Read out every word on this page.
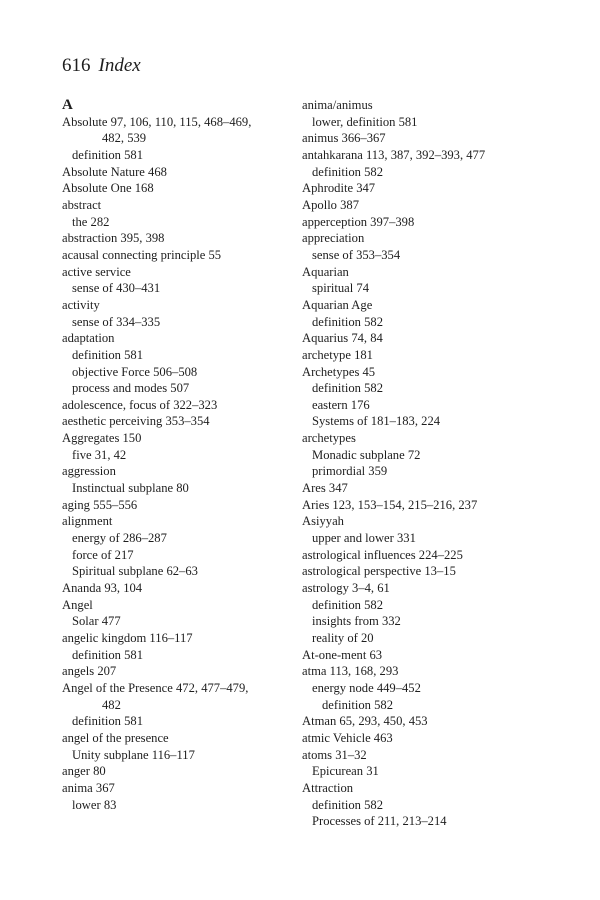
616 Index
A
Absolute 97, 106, 110, 115, 468–469,
482, 539
definition 581
Absolute Nature 468
Absolute One 168
abstract
the 282
abstraction 395, 398
acausal connecting principle 55
active service
sense of 430–431
activity
sense of 334–335
adaptation
definition 581
objective Force 506–508
process and modes 507
adolescence, focus of 322–323
aesthetic perceiving 353–354
Aggregates 150
five 31, 42
aggression
Instinctual subplane 80
aging 555–556
alignment
energy of 286–287
force of 217
Spiritual subplane 62–63
Ananda 93, 104
Angel
Solar 477
angelic kingdom 116–117
definition 581
angels 207
Angel of the Presence 472, 477–479,
482
definition 581
angel of the presence
Unity subplane 116–117
anger 80
anima 367
lower 83
anima/animus
lower, definition 581
animus 366–367
antahkarana 113, 387, 392–393, 477
definition 582
Aphrodite 347
Apollo 387
apperception 397–398
appreciation
sense of 353–354
Aquarian
spiritual 74
Aquarian Age
definition 582
Aquarius 74, 84
archetype 181
Archetypes 45
definition 582
eastern 176
Systems of 181–183, 224
archetypes
Monadic subplane 72
primordial 359
Ares 347
Aries 123, 153–154, 215–216, 237
Asiyyah
upper and lower 331
astrological influences 224–225
astrological perspective 13–15
astrology 3–4, 61
definition 582
insights from 332
reality of 20
At-one-ment 63
atma 113, 168, 293
energy node 449–452
definition 582
Atman 65, 293, 450, 453
atmic Vehicle 463
atoms 31–32
Epicurean 31
Attraction
definition 582
Processes of 211, 213–214
